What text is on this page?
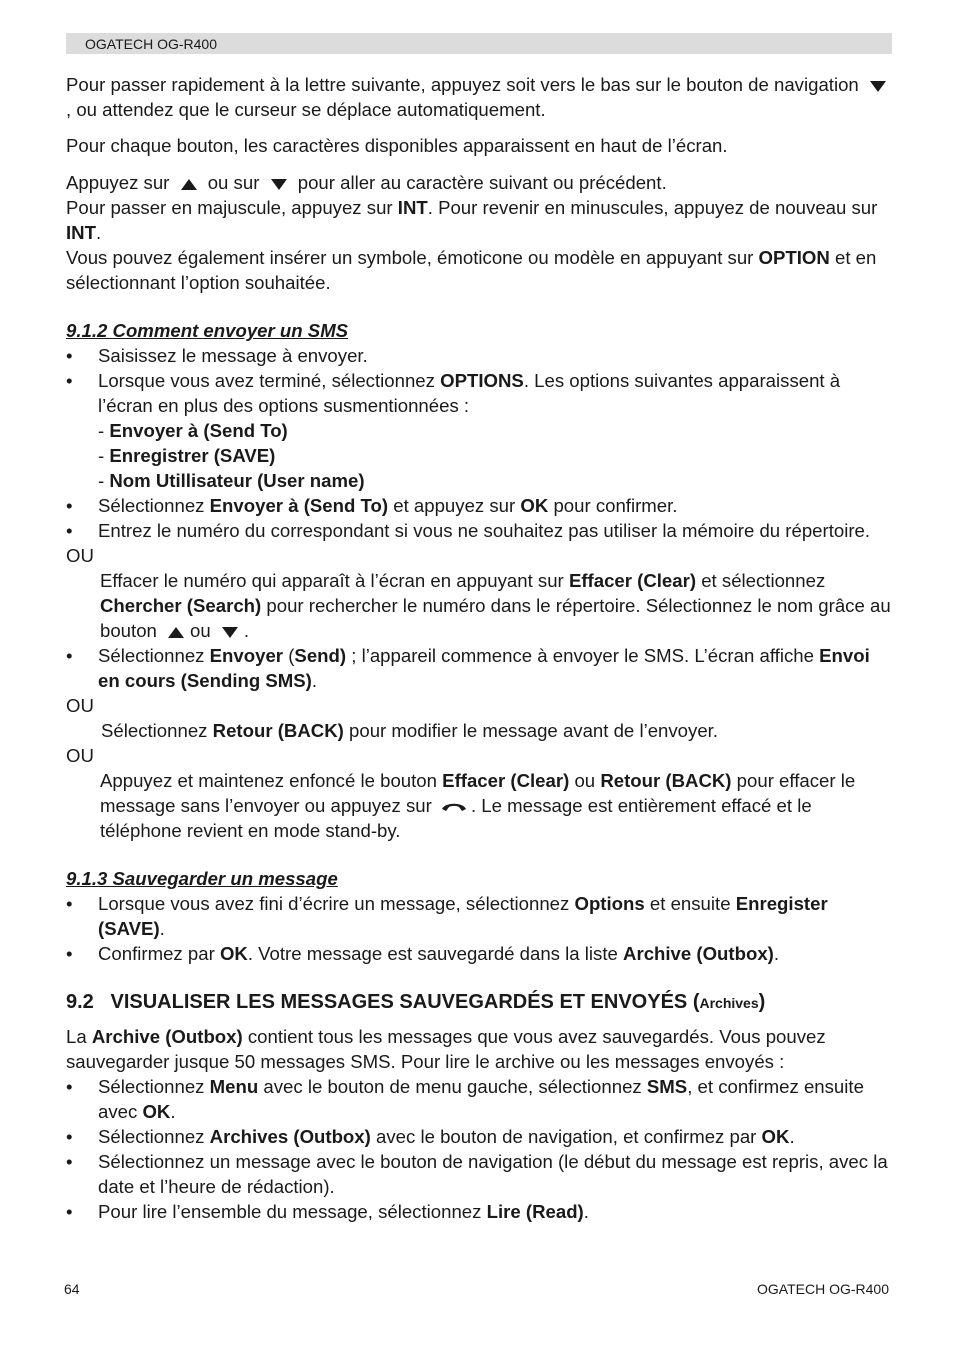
OGATECH OG-R400

Pour passer rapidement à la lettre suivante, appuyez soit vers le bas sur le bouton de navigation , ou attendez que le curseur se déplace automatiquement.

Pour chaque bouton, les caractères disponibles apparaissent en haut de l’écran.

Appuyez sur ou sur pour aller au caractère suivant ou précédent.

Pour passer en majuscule, appuyez sur INT. Pour revenir en minuscules, appuyez de nouveau sur INT.

Vous pouvez également insérer un symbole, émoticone ou modèle en appuyant sur OPTION et en sélectionnant l’option souhaitée.

9.1.2 Comment envoyer un SMS

•	Saisissez le message à envoyer.
•	Lorsque vous avez terminé, sélectionnez OPTIONS. Les options suivantes apparaissent à l’écran en plus des options susmentionnées :

- Envoyer à (Send To)

- Enregistrer (SAVE)

- Nom Utillisateur (User name)

•	Sélectionnez Envoyer à (Send To) et appuyez sur OK pour confirmer.
•	Entrez le numéro du correspondant si vous ne souhaitez pas utiliser la mémoire du répertoire.

OU

Effacer le numéro qui apparaît à l’écran en appuyant sur Effacer (Clear) et sélectionnez Chercher (Search) pour rechercher le numéro dans le répertoire. Sélectionnez le nom grâce au bouton ou .

•	Sélectionnez Envoyer (Send) ; l’appareil commence à envoyer le SMS. L’écran affiche Envoi en cours (Sending SMS).

OU

Sélectionnez Retour (BACK) pour modifier le message avant de l’envoyer.

OU

Appuyez et maintenez enfoncé le bouton Effacer (Clear) ou Retour (BACK) pour effacer le message sans l’envoyer ou appuyez sur . Le message est entièrement effacé et le téléphone revient en mode stand-by.

9.1.3 Sauvegarder un message

•	Lorsque vous avez fini d’écrire un message, sélectionnez Options et ensuite Enregister (SAVE).
•	Confirmez par OK. Votre message est sauvegardé dans la liste Archive (Outbox).

9.2   VISUALISER LES MESSAGES SAUVEGARDÉS ET ENVOYÉS (Archives)

La Archive (Outbox) contient tous les messages que vous avez sauvegardés. Vous pouvez sauvegarder jusque 50 messages SMS. Pour lire le archive ou les messages envoyés :

•	Sélectionnez Menu avec le bouton de menu gauche, sélectionnez SMS, et confirmez ensuite avec OK.
•	Sélectionnez Archives (Outbox) avec le bouton de navigation, et confirmez par OK.
•	Sélectionnez un message avec le bouton de navigation (le début du message est repris, avec la date et l’heure de rédaction).
•	Pour lire l’ensemble du message, sélectionnez Lire (Read).
64	OGATECH OG-R400
